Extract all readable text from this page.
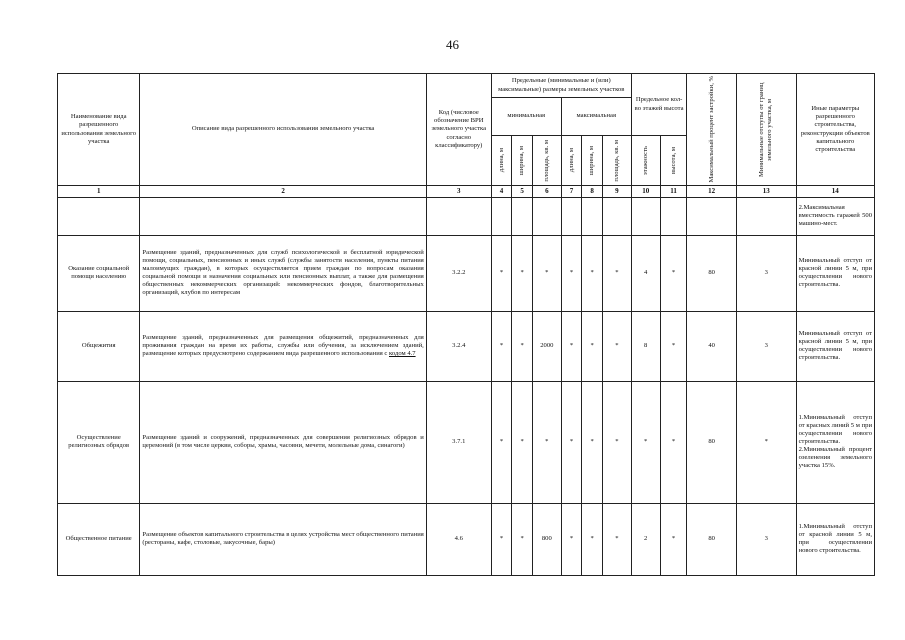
46
Наименование вида разрешенного использования земельного участка	Описание вида разрешенного использования земельного участка	Код (числовое обозначение ВРИ земельного участка согласно классификатору)	Предельные (минимальные и (или) максимальные) размеры земельных участков						Предельное кол-во этажей высота		Максимальный процент застройки, %	Минимальные отступы от границ земельного участка, м	Иные параметры разрешенного строительства, реконструкции объектов капитального строительства
			минимальная			максимальная							

			длина, м	ширина, м	площадь, кв. м	длина, м	ширина, м	площадь, кв. м	этажность	высота, м			

1	2	3	4	5	6	7	8	9	10	11	12	13	14
													2.Максимальная вместимость гаражей 500 машино-мест.
Оказание социальной помощи населению	Размещение зданий, предназначенных для служб психологической и бесплатной юридической помощи, социальных, пенсионных и иных служб (службы занятости населения, пункты питания малоимущих граждан), в которых осуществляется прием граждан по вопросам оказания социальной помощи и назначения социальных или пенсионных выплат, а также для размещения общественных некоммерческих организаций: некоммерческих фондов, благотворительных организаций, клубов по интересам	3.2.2	*	*	*	*	*	*	4	*	80	3	Минимальный отступ от красной линии 5 м, при осуществлении нового строительства.
Общежития	Размещение зданий, предназначенных для размещения общежитий, предназначенных для проживания граждан на время их работы, службы или обучения, за исключением зданий, размещение которых предусмотрено содержанием вида разрешенного использования с кодом 4.7	3.2.4	*	*	2000	*	*	*	8	*	40	3	Минимальный отступ от красной линии 5 м, при осуществлении нового строительства.
Осуществление религиозных обрядов	Размещение зданий и сооружений, предназначенных для совершения религиозных обрядов и церемоний (в том числе церкви, соборы, храмы, часовни, мечети, молельные дома, синагоги)	3.7.1	*	*	*	*	*	*	*	*	80	*	1.Минимальный отступ от красных линий 5 м при осуществлении нового строительства. 2.Минимальный процент озеленения земельного участка 15%.
Общественное питание	Размещение объектов капитального строительства в целях устройства мест общественного питания (рестораны, кафе, столовые, закусочные, бары)	4.6	*	*	800	*	*	*	2	*	80	3	1.Минимальный отступ от красной линии 5 м, при осуществлении нового строительства.
